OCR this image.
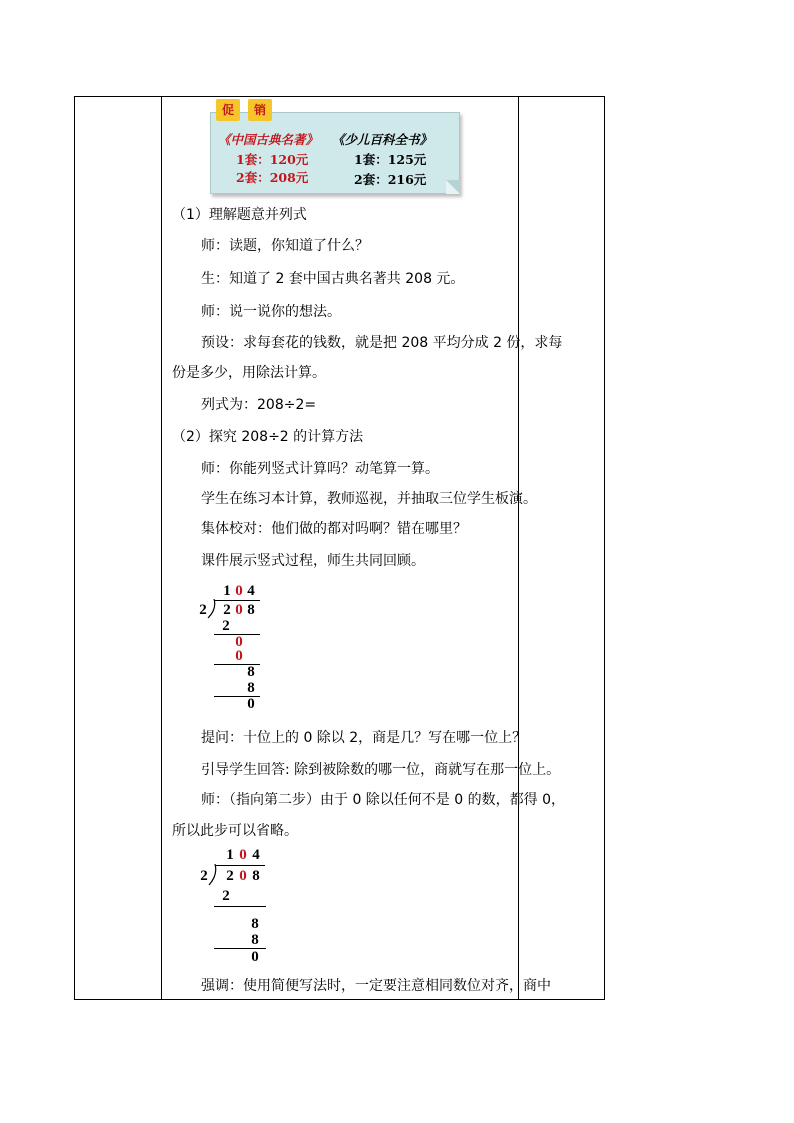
促	销
《中国古典名著》 《少儿百科全书》
1套：120元
2套：208元
1套：125元
2套：216元
（1）理解题意并列式
师：读题，你知道了什么？
生：知道了 2 套中国古典名著共 208 元。
师：说一说你的想法。
预设：求每套花的钱数，就是把 208 平均分成 2 份，求每
份是多少，用除法计算。
列式为：208÷2=
（2）探究 208÷2 的计算方法
师：你能列竖式计算吗？动笔算一算。
学生在练习本计算，教师巡视，并抽取三位学生板演。
集体校对：他们做的都对吗啊？错在哪里？
课件展示竖式过程，师生共同回顾。
1 0 4
2 2 0 8
2
0
0
8
8
0
提问：十位上的 0 除以 2，商是几？写在哪一位上？
引导学生回答: 除到被除数的哪一位，商就写在那一位上。
师：（指向第二步）由于 0 除以任何不是 0 的数，都得 0，
所以此步可以省略。
1 0 4
2 2 0 8
2
8
8
0
强调：使用简便写法时，一定要注意相同数位对齐，商中
